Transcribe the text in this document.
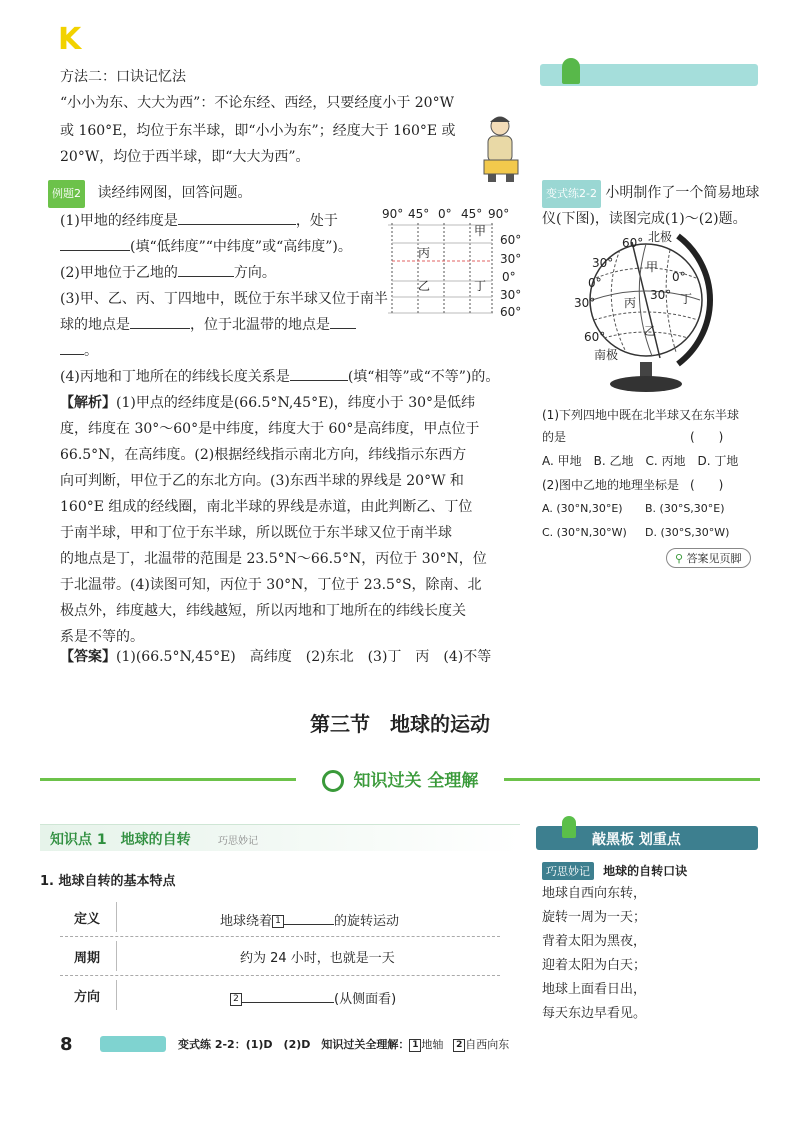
K
方法二：口诀记忆法
“小小为东、大大为西”：不论东经、西经，只要经度小于 20°W
或 160°E，均位于东半球，即“小小为东”；经度大于 160°E 或
20°W，均位于西半球，即“大大为西”。
例题2 读经纬网图，回答问题。
(1)甲地的经纬度是	，处于
(填“低纬度”“中纬度”或“高纬度”)。
(2)甲地位于乙地的	方向。
(3)甲、乙、丙、丁四地中，既位于东半球又位于南半
球的地点是	，位于北温带的地点是
。
(4)丙地和丁地所在的纬线长度关系是	(填“相等”或“不等”)的。
90° 45° 0° 45° 90°
60°
30°
0°
30°
60°
甲
丙
乙	丁
【解析】(1)甲点的经纬度是(66.5°N,45°E)，纬度小于 30°是低纬
度，纬度在 30°～60°是中纬度，纬度大于 60°是高纬度，甲点位于
66.5°N，在高纬度。(2)根据经线指示南北方向，纬线指示东西方
向可判断，甲位于乙的东北方向。(3)东西半球的界线是 20°W 和
160°E 组成的经线圈，南北半球的界线是赤道，由此判断乙、丁位
于南半球，甲和丁位于东半球，所以既位于东半球又位于南半球
的地点是丁，北温带的范围是 23.5°N～66.5°N，丙位于 30°N，位
于北温带。(4)读图可知，丙位于 30°N，丁位于 23.5°S，除南、北
极点外，纬度越大，纬线越短，所以丙地和丁地所在的纬线长度关
系是不等的。
【答案】(1)(66.5°N,45°E)　高纬度　(2)东北　(3)丁　丙　(4)不等
变式练2-2 小明制作了一个简易地球
仪(下图)，读图完成(1)～(2)题。
北极
南极
60°
30°
0°
30°
60°
甲
丙	丁
乙
30°
0°
(1)下列四地中既在北半球又在东半球
的是	(　　)
A. 甲地　B. 乙地　C. 丙地　D. 丁地
(2)图中乙地的地理坐标是 (　　)
A. (30°N,30°E) B. (30°S,30°E)
C. (30°N,30°W) D. (30°S,30°W)
⚲ 答案见页脚
第三节　地球的运动
知识过关 全理解
知识点 1　地球的自转	巧思妙记
1. 地球自转的基本特点
定义	地球绕着 1	的旋转运动
周期	约为 24 小时，也就是一天
方向	2	(从侧面看)
敲黑板 划重点
巧思妙记 地球的自转口诀
地球自西向东转，
旋转一周为一天；
背着太阳为黑夜，
迎着太阳为白天；
地球上面看日出，
每天东边早看见。
8	变式练 2-2：(1)D　(2)D　知识过关全理解： 1 地轴 2 自西向东
